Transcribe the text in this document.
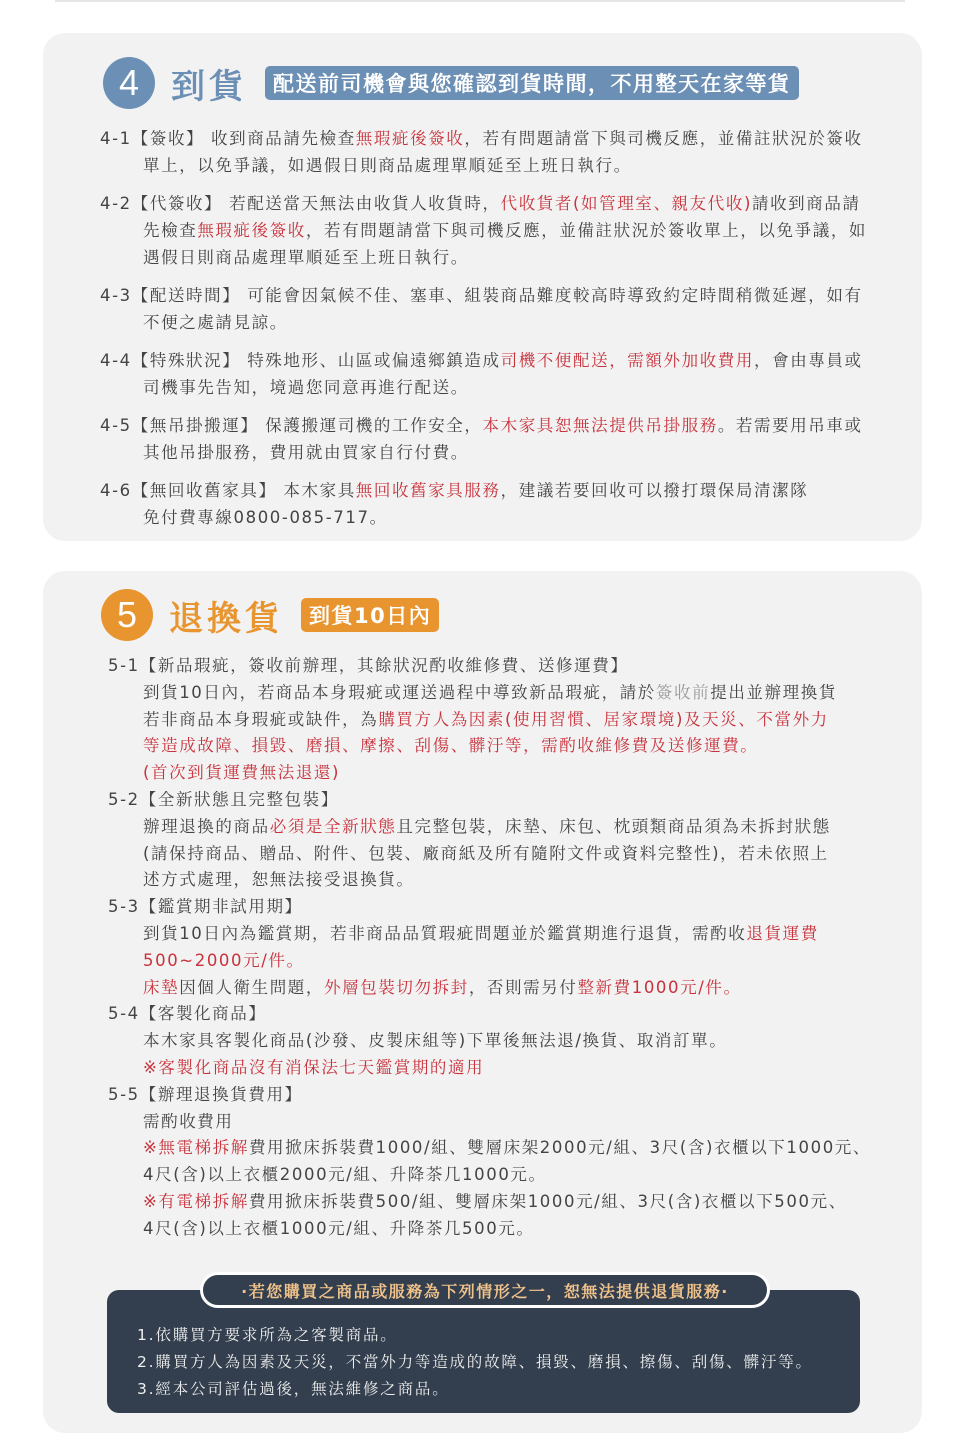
4 到貨	配送前司機會與您確認到貨時間，不用整天在家等貨
4-1【簽收】 收到商品請先檢查無瑕疵後簽收，若有問題請當下與司機反應，並備註狀況於簽收
單上，以免爭議，如遇假日則商品處理單順延至上班日執行。
4-2【代簽收】 若配送當天無法由收貨人收貨時，代收貨者(如管理室、親友代收)請收到商品請
先檢查無瑕疵後簽收，若有問題請當下與司機反應，並備註狀況於簽收單上，以免爭議，如
遇假日則商品處理單順延至上班日執行。
4-3【配送時間】 可能會因氣候不佳、塞車、組裝商品難度較高時導致約定時間稍微延遲，如有
不便之處請見諒。
4-4【特殊狀況】 特殊地形、山區或偏遠鄉鎮造成司機不便配送，需額外加收費用，會由專員或
司機事先告知，境過您同意再進行配送。
4-5【無吊掛搬運】 保護搬運司機的工作安全，本木家具恕無法提供吊掛服務。若需要用吊車或
其他吊掛服務，費用就由買家自行付費。
4-6【無回收舊家具】 本木家具無回收舊家具服務，建議若要回收可以撥打環保局清潔隊
免付費專線0800-085-717。
5 退換貨	到貨10日內
5-1【新品瑕疵，簽收前辦理，其餘狀況酌收維修費、送修運費】
到貨10日內，若商品本身瑕疵或運送過程中導致新品瑕疵，請於簽收前提出並辦理換貨
若非商品本身瑕疵或缺件，為購買方人為因素(使用習慣、居家環境)及天災、不當外力
等造成故障、損毀、磨損、摩擦、刮傷、髒汙等，需酌收維修費及送修運費。
(首次到貨運費無法退還)
5-2【全新狀態且完整包裝】
辦理退換的商品必須是全新狀態且完整包裝，床墊、床包、枕頭類商品須為未拆封狀態
(請保持商品、贈品、附件、包裝、廠商紙及所有隨附文件或資料完整性)，若未依照上
述方式處理，恕無法接受退換貨。
5-3【鑑賞期非試用期】
到貨10日內為鑑賞期，若非商品品質瑕疵問題並於鑑賞期進行退貨，需酌收退貨運費
500~2000元/件。
床墊因個人衛生問題，外層包裝切勿拆封，否則需另付整新費1000元/件。
5-4【客製化商品】
本木家具客製化商品(沙發、皮製床組等)下單後無法退/換貨、取消訂單。
※客製化商品沒有消保法七天鑑賞期的適用
5-5【辦理退換貨費用】
需酌收費用
※無電梯拆解費用掀床拆裝費1000/組、雙層床架2000元/組、3尺(含)衣櫃以下1000元、
4尺(含)以上衣櫃2000元/組、升降茶几1000元。
※有電梯拆解費用掀床拆裝費500/組、雙層床架1000元/組、3尺(含)衣櫃以下500元、
4尺(含)以上衣櫃1000元/組、升降茶几500元。
·若您購買之商品或服務為下列情形之一，恕無法提供退貨服務·
1.依購買方要求所為之客製商品。
2.購買方人為因素及天災，不當外力等造成的故障、損毀、磨損、擦傷、刮傷、髒汙等。
3.經本公司評估過後，無法維修之商品。
